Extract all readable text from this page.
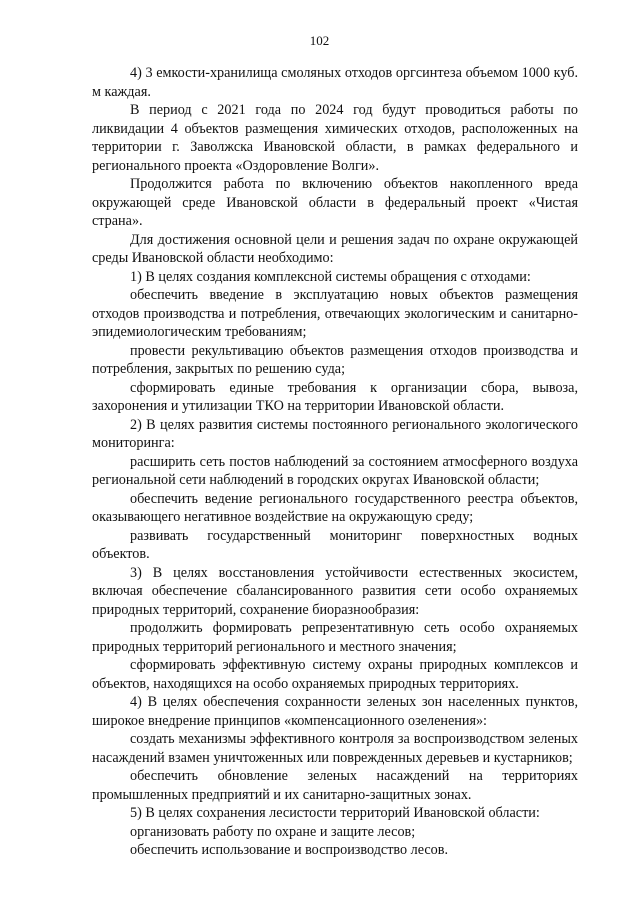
102

4) 3 емкости-хранилища смоляных отходов оргсинтеза объемом 1000 куб. м каждая.

В период с 2021 года по 2024 год будут проводиться работы по ликвидации 4 объектов размещения химических отходов, расположенных на территории г. Заволжска Ивановской области, в рамках федерального и регионального проекта «Оздоровление Волги».

Продолжится работа по включению объектов накопленного вреда окружающей среде Ивановской области в федеральный проект «Чистая страна».

Для достижения основной цели и решения задач по охране окружающей среды Ивановской области необходимо:

1) В целях создания комплексной системы обращения с отходами:

обеспечить введение в эксплуатацию новых объектов размещения отходов производства и потребления, отвечающих экологическим и санитарно-эпидемиологическим требованиям;

провести рекультивацию объектов размещения отходов производства и потребления, закрытых по решению суда;

сформировать единые требования к организации сбора, вывоза, захоронения и утилизации ТКО на территории Ивановской области.

2) В целях развития системы постоянного регионального экологического мониторинга:

расширить сеть постов наблюдений за состоянием атмосферного воздуха региональной сети наблюдений в городских округах Ивановской области;

обеспечить ведение регионального государственного реестра объектов, оказывающего негативное воздействие на окружающую среду;

развивать государственный мониторинг поверхностных водных объектов.

3) В целях восстановления устойчивости естественных экосистем, включая обеспечение сбалансированного развития сети особо охраняемых природных территорий, сохранение биоразнообразия:

продолжить формировать репрезентативную сеть особо охраняемых природных территорий регионального и местного значения;

сформировать эффективную систему охраны природных комплексов и объектов, находящихся на особо охраняемых природных территориях.

4) В целях обеспечения сохранности зеленых зон населенных пунктов, широкое внедрение принципов «компенсационного озеленения»:

создать механизмы эффективного контроля за воспроизводством зеленых насаждений взамен уничтоженных или поврежденных деревьев и кустарников;

обеспечить обновление зеленых насаждений на территориях промышленных предприятий и их санитарно-защитных зонах.

5) В целях сохранения лесистости территорий Ивановской области:

организовать работу по охране и защите лесов;

обеспечить использование и воспроизводство лесов.
